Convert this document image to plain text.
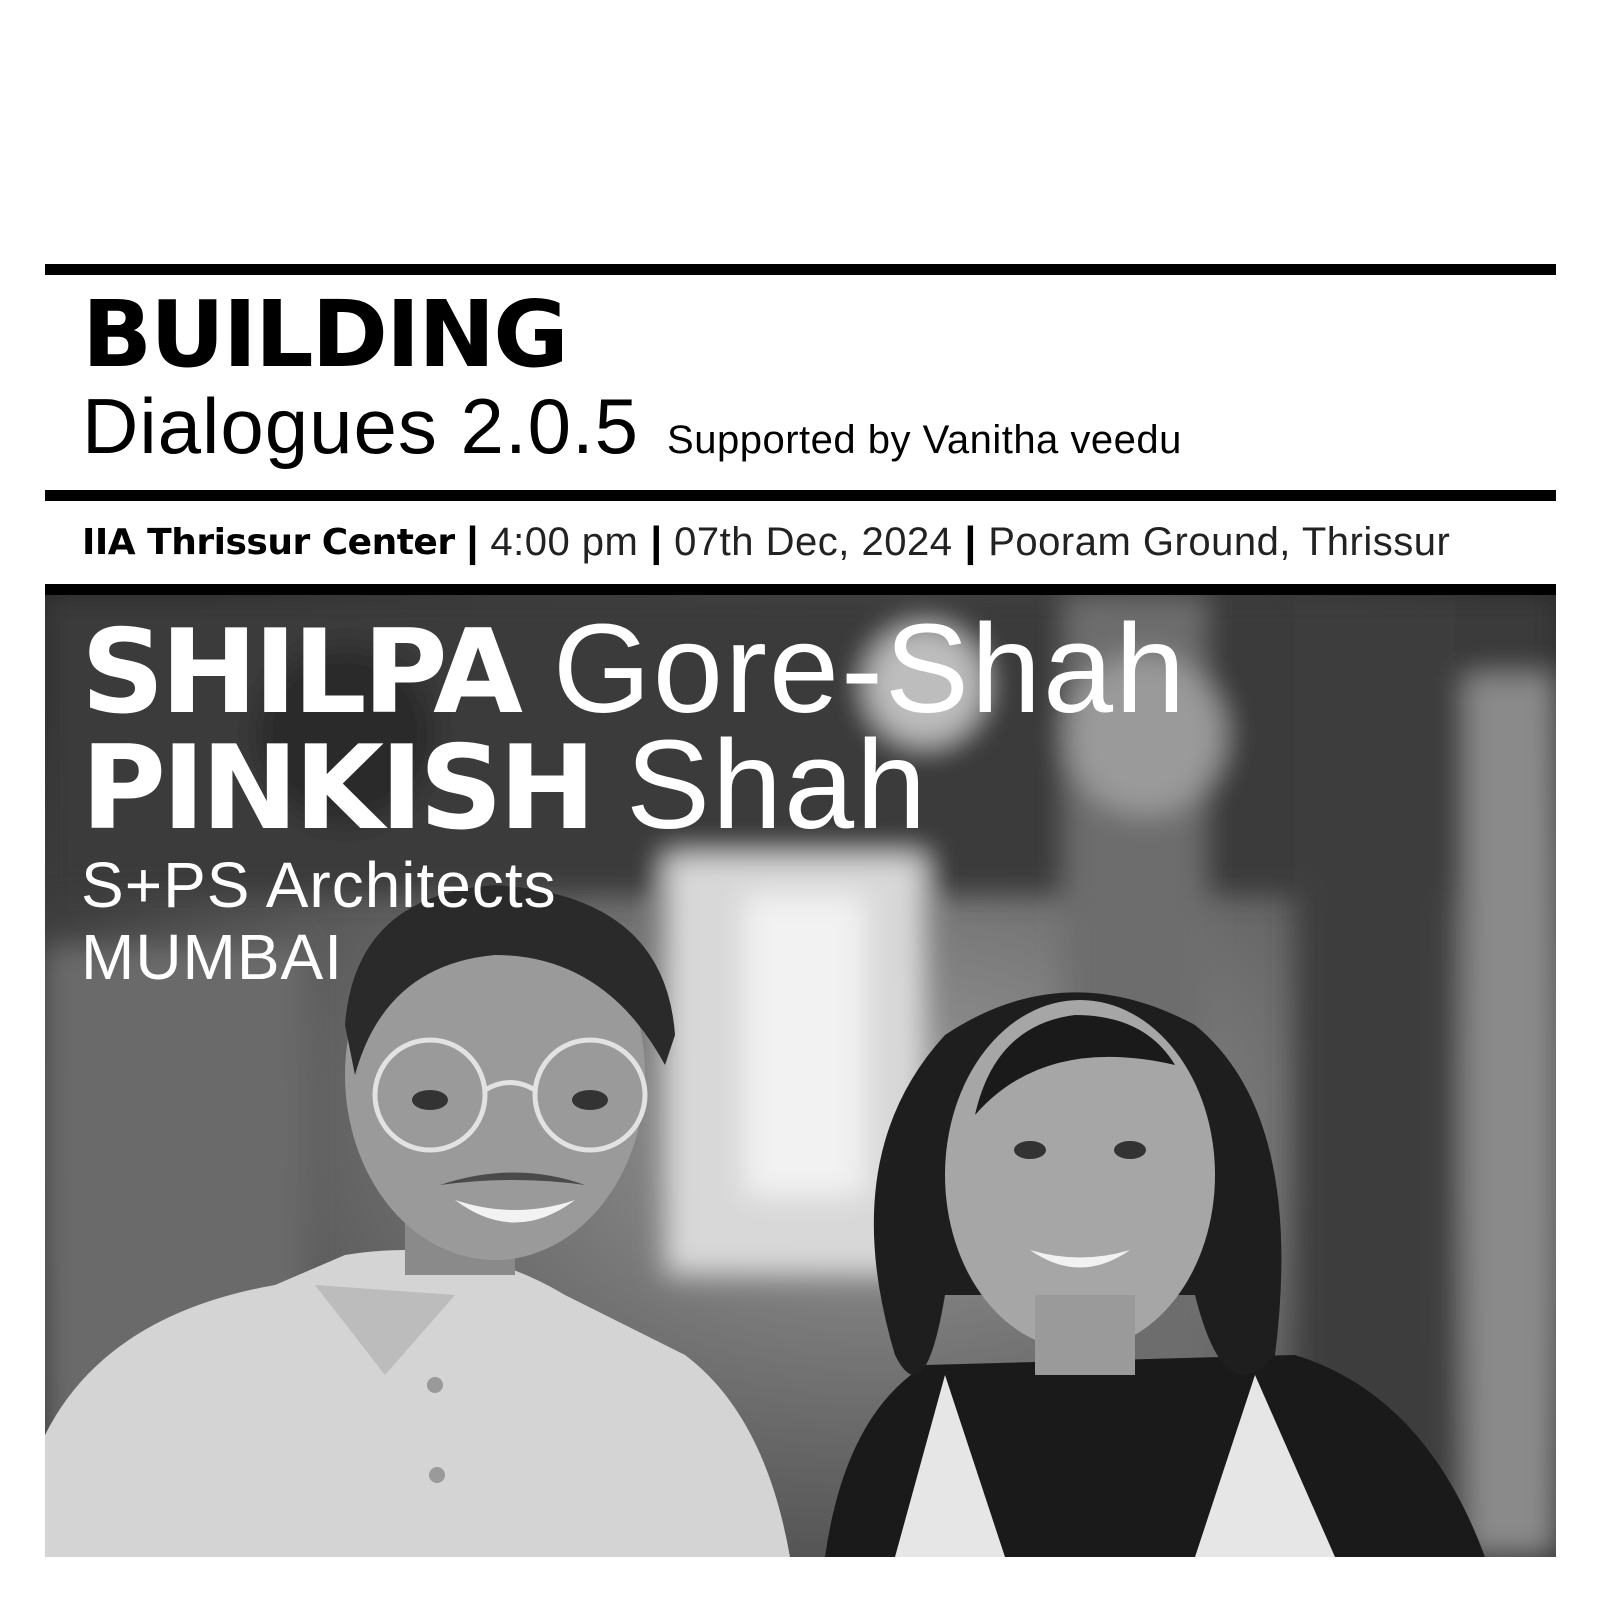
BUILDING
Dialogues 2.0.5 Supported by Vanitha veedu
IIA Thrissur Center | 4:00 pm | 07th Dec, 2024 | Pooram Ground, Thrissur
SHILPA Gore-Shah
PINKISH Shah
S+PS Architects
MUMBAI
